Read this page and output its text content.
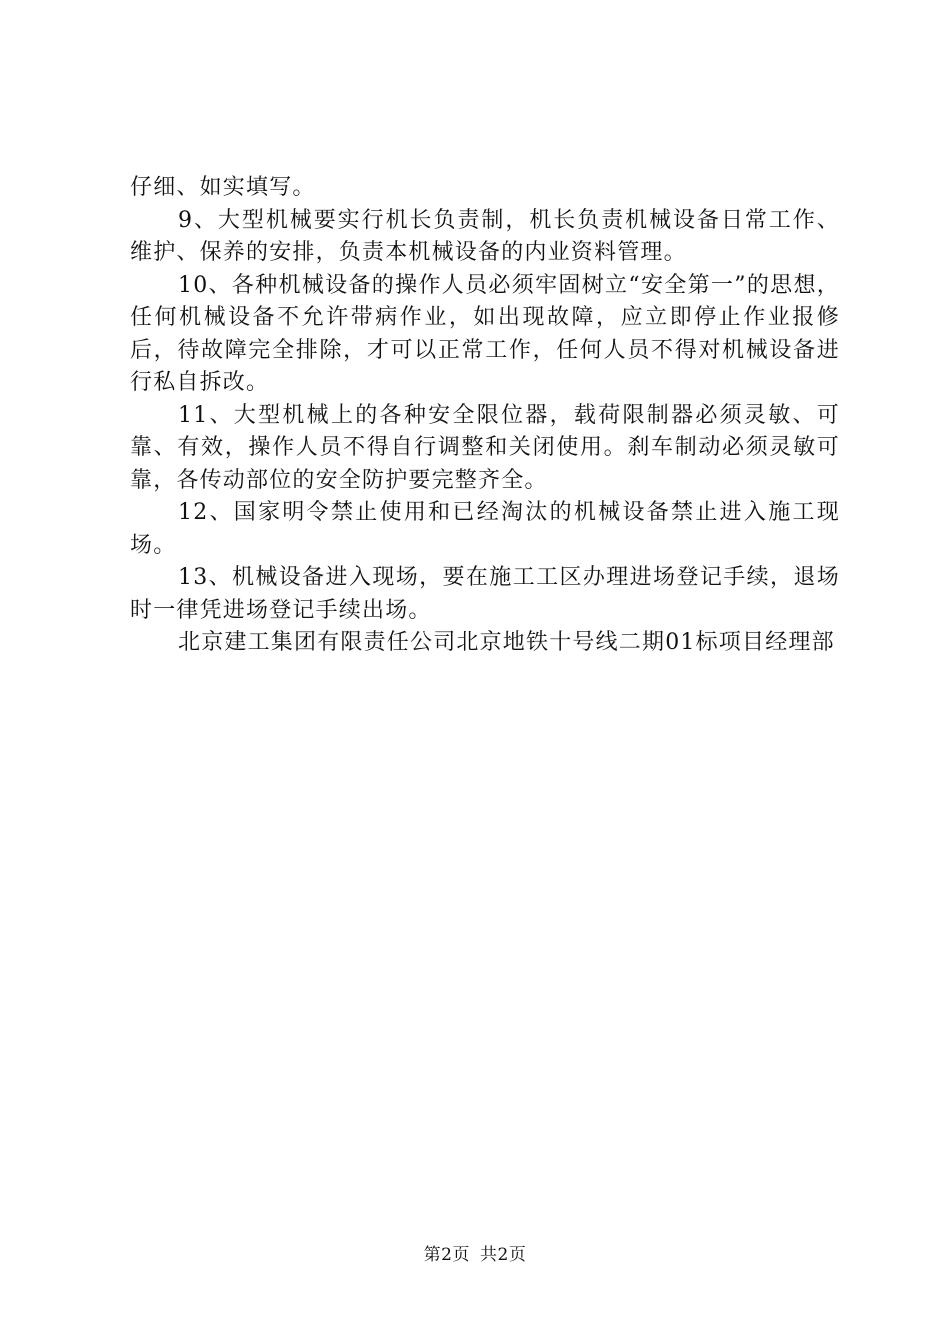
仔细、如实填写。

9、大型机械要实行机长负责制，机长负责机械设备日常工作、维护、保养的安排，负责本机械设备的内业资料管理。

10、各种机械设备的操作人员必须牢固树立“安全第一”的思想，任何机械设备不允许带病作业，如出现故障，应立即停止作业报修后，待故障完全排除，才可以正常工作，任何人员不得对机械设备进行私自拆改。

11、大型机械上的各种安全限位器，载荷限制器必须灵敏、可靠、有效，操作人员不得自行调整和关闭使用。刹车制动必须灵敏可靠，各传动部位的安全防护要完整齐全。

12、国家明令禁止使用和已经淘汰的机械设备禁止进入施工现场。

13、机械设备进入现场，要在施工工区办理进场登记手续，退场时一律凭进场登记手续出场。

北京建工集团有限责任公司北京地铁十号线二期01标项目经理部

第2页 共2页
